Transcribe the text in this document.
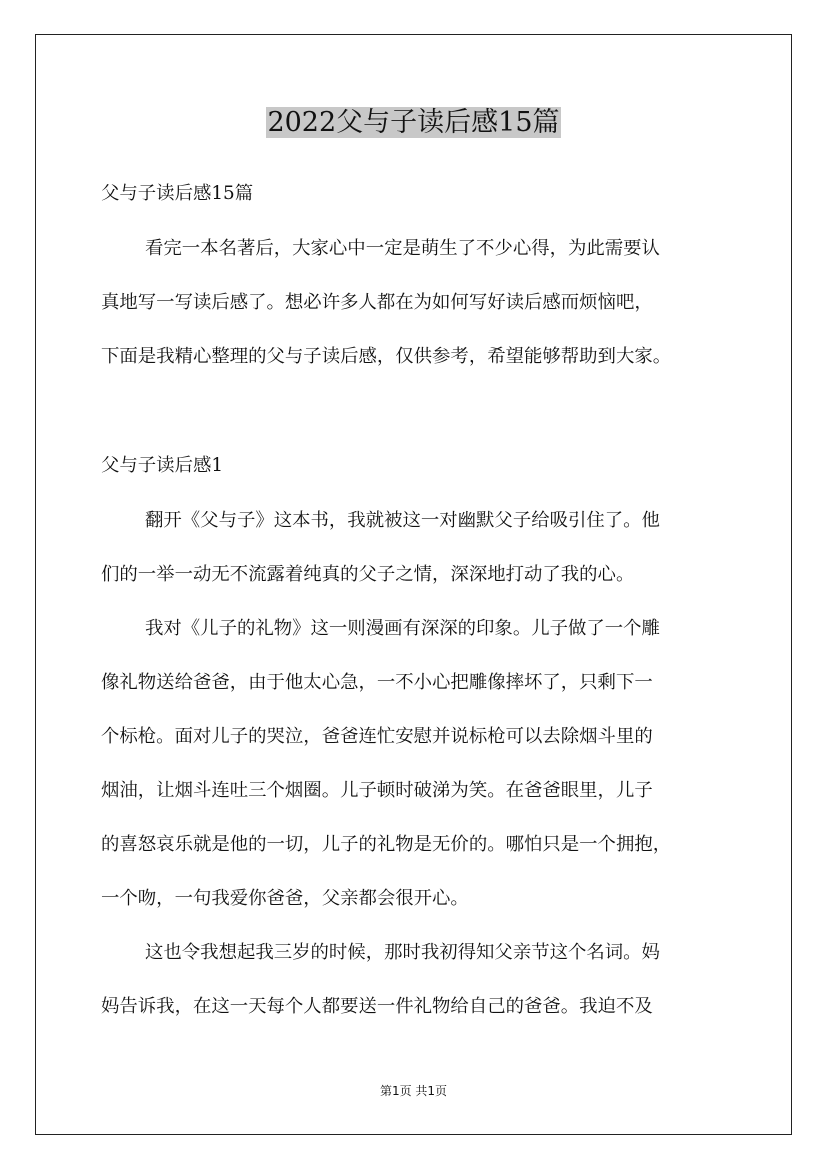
2022父与子读后感15篇
父与子读后感15篇
看完一本名著后，大家心中一定是萌生了不少心得，为此需要认
真地写一写读后感了。想必许多人都在为如何写好读后感而烦恼吧，
下面是我精心整理的父与子读后感，仅供参考，希望能够帮助到大家。
父与子读后感1
翻开《父与子》这本书，我就被这一对幽默父子给吸引住了。他
们的一举一动无不流露着纯真的父子之情，深深地打动了我的心。
我对《儿子的礼物》这一则漫画有深深的印象。儿子做了一个雕
像礼物送给爸爸，由于他太心急，一不小心把雕像摔坏了，只剩下一
个标枪。面对儿子的哭泣，爸爸连忙安慰并说标枪可以去除烟斗里的
烟油，让烟斗连吐三个烟圈。儿子顿时破涕为笑。在爸爸眼里，儿子
的喜怒哀乐就是他的一切，儿子的礼物是无价的。哪怕只是一个拥抱，
一个吻，一句我爱你爸爸，父亲都会很开心。
这也令我想起我三岁的时候，那时我初得知父亲节这个名词。妈
妈告诉我，在这一天每个人都要送一件礼物给自己的爸爸。我迫不及
第1页 共1页
